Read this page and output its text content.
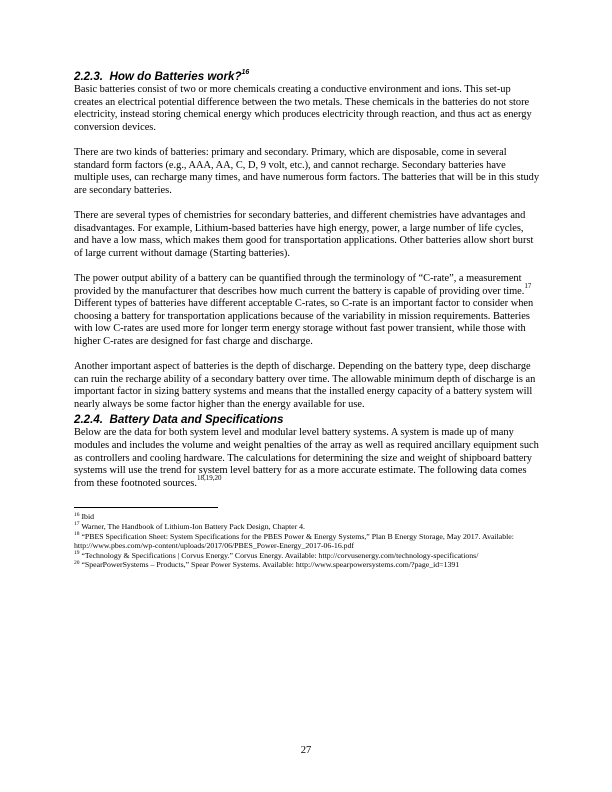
2.2.3. How do Batteries work?$^{16}$

Basic batteries consist of two or more chemicals creating a conductive environment and ions. This set-up creates an electrical potential difference between the two metals. These chemicals in the batteries do not store electricity, instead storing chemical energy which produces electricity through reaction, and thus act as energy conversion devices.

There are two kinds of batteries: primary and secondary. Primary, which are disposable, come in several standard form factors (e.g., AAA, AA, C, D, 9 volt, etc.), and cannot recharge. Secondary batteries have multiple uses, can recharge many times, and have numerous form factors. The batteries that will be in this study are secondary batteries.

There are several types of chemistries for secondary batteries, and different chemistries have advantages and disadvantages. For example, Lithium-based batteries have high energy, power, a large number of life cycles, and have a low mass, which makes them good for transportation applications. Other batteries allow short burst of large current without damage (Starting batteries).

The power output ability of a battery can be quantified through the terminology of “C-rate”, a measurement provided by the manufacturer that describes how much current the battery is capable of providing over time.$^{17}$ Different types of batteries have different acceptable C-rates, so C-rate is an important factor to consider when choosing a battery for transportation applications because of the variability in mission requirements. Batteries with low C-rates are used more for longer term energy storage without fast power transient, while those with higher C-rates are designed for fast charge and discharge.

Another important aspect of batteries is the depth of discharge. Depending on the battery type, deep discharge can ruin the recharge ability of a secondary battery over time. The allowable minimum depth of discharge is an important factor in sizing battery systems and means that the installed energy capacity of a battery system will nearly always be some factor higher than the energy available for use.

2.2.4. Battery Data and Specifications

Below are the data for both system level and modular level battery systems. A system is made up of many modules and includes the volume and weight penalties of the array as well as required ancillary equipment such as controllers and cooling hardware. The calculations for determining the size and weight of shipboard battery systems will use the trend for system level battery for as a more accurate estimate. The following data comes from these footnoted sources.$^{18,19,20}$

$^{16}$ Ibid

$^{17}$ Warner, The Handbook of Lithium-Ion Battery Pack Design, Chapter 4.

$^{18}$ “PBES Specification Sheet: System Specifications for the PBES Power & Energy Systems,” Plan B Energy Storage, May 2017. Available: http://www.pbes.com/wp-content/uploads/2017/06/PBES_Power-Energy_2017-06-16.pdf

$^{19}$ “Technology & Specifications | Corvus Energy.” Corvus Energy. Available: http://corvusenergy.com/technology-specifications/

$^{20}$ “SpearPowerSystems – Products,” Spear Power Systems. Available: http://www.spearpowersystems.com/?page_id=1391

27
